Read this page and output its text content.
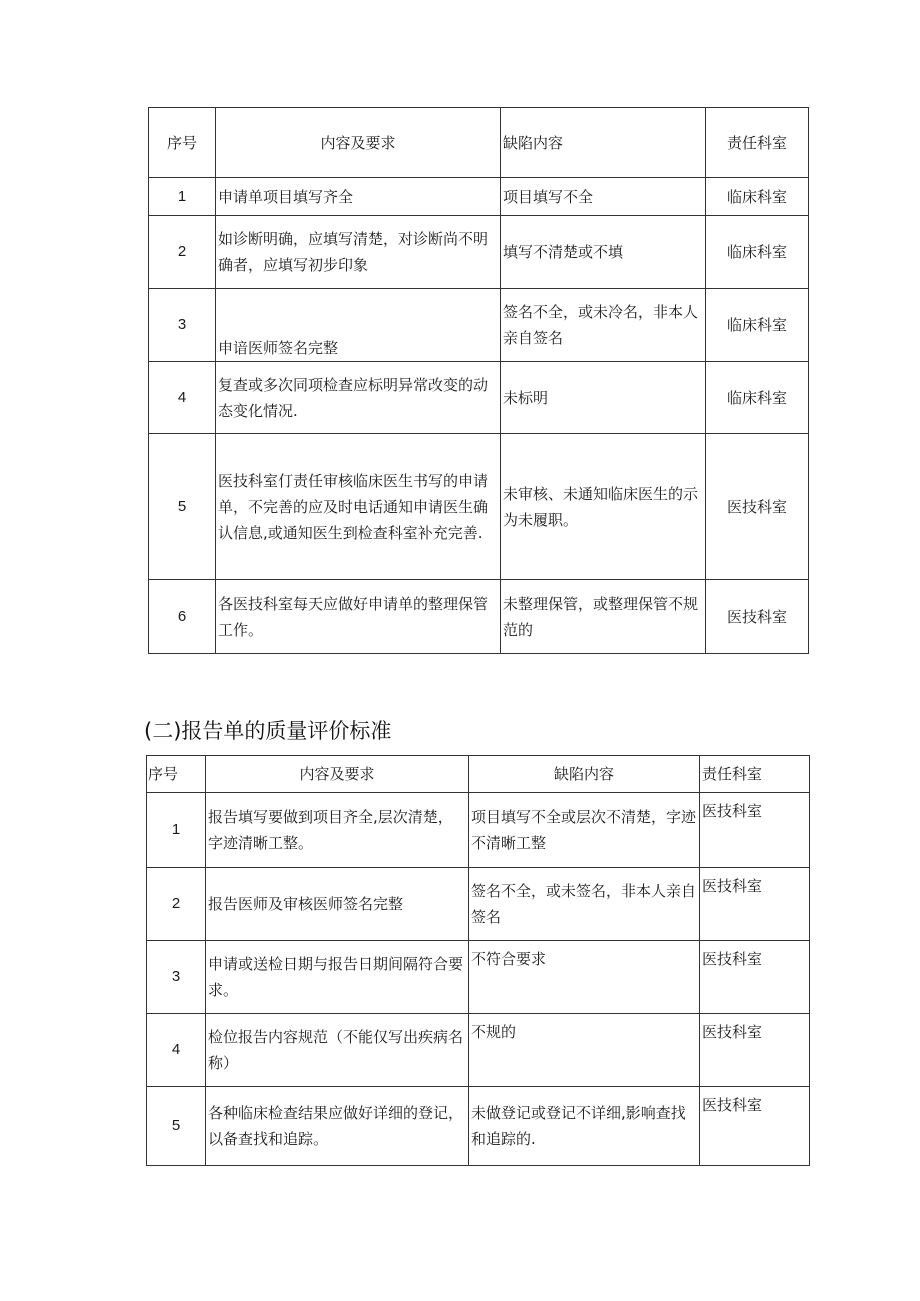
序号	内容及要求	缺陷内容	责任科室
1	申请单项目填写齐全	项目填写不全	临床科室
2	如诊断明确，应填写清楚，对诊断尚不明确者，应填写初步印象	填写不清楚或不填	临床科室
3	申谙医师签名完整	签名不全，或未冷名，非本人亲自签名	临床科室
4	复查或多次同项检查应标明异常改变的动态变化情况.	未标明	临床科室
5	医技科室仃责任审核临床医生书写的申请单，不完善的应及时电话通知申请医生确认信息,或通知医生到检查科室补充完善.	未审核、未通知临床医生的示为未履职。	医技科室
6	各医技科室每天应做好申请单的整理保管工作。	未整理保管，或整理保管不规范的	医技科室
(二)报告单的质量评价标准
序号	内容及要求	缺陷内容	责任科室
1	报告填写要做到项目齐全,层次清楚，字迹清晰工整。	项目填写不全或层次不清楚，字迹不清晰工整	医技科室
2	报告医师及审核医师签名完整	签名不全，或未签名，非本人亲自签名	医技科室
3	申请或送检日期与报告日期间隔符合要求。	不符合要求	医技科室
4	检位报告内容规范（不能仅写出疾病名称）	不规的	医技科室
5	各种临床检查结果应做好详细的登记，以备查找和追踪。	未做登记或登记不详细,影响查找和追踪的.	医技科室
